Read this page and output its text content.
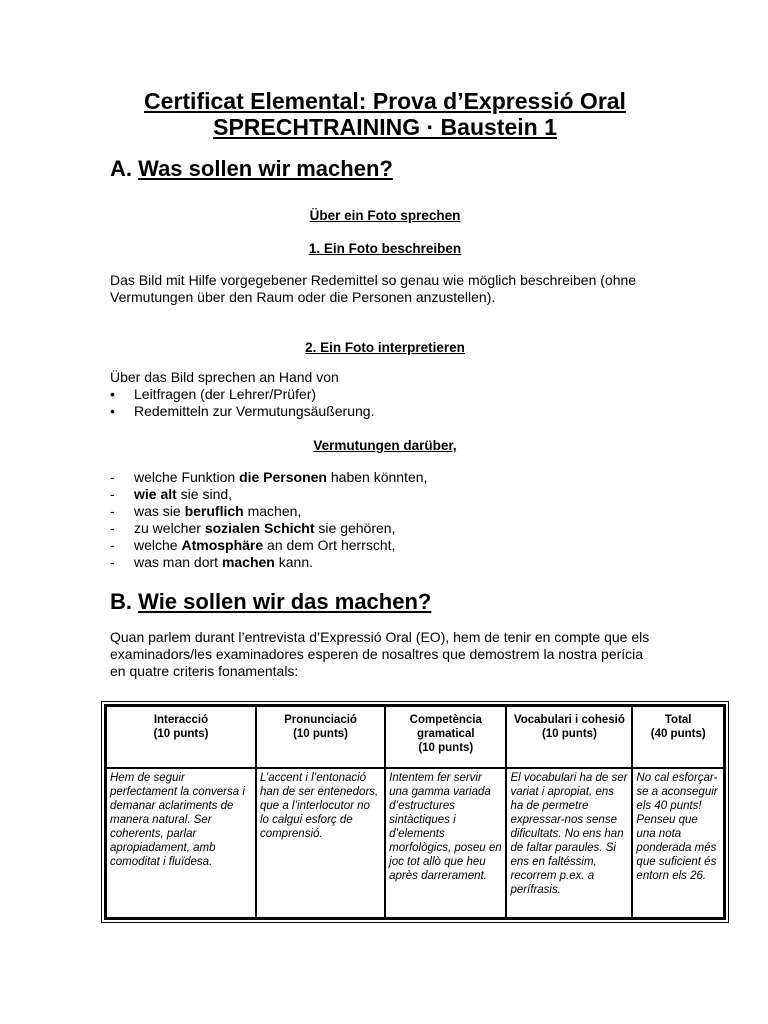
Certificat Elemental: Prova d’Expressió Oral
SPRECHTRAINING · Baustein 1
A. Was sollen wir machen?
Über ein Foto sprechen
1. Ein Foto beschreiben
Das Bild mit Hilfe vorgegebener Redemittel so genau wie möglich beschreiben (ohne Vermutungen über den Raum oder die Personen anzustellen).
2. Ein Foto interpretieren
Über das Bild sprechen an Hand von
• Leitfragen (der Lehrer/Prüfer)
• Redemitteln zur Vermutungsäußerung.
Vermutungen darüber,
- welche Funktion die Personen haben könnten,
- wie alt sie sind,
- was sie beruflich machen,
- zu welcher sozialen Schicht sie gehören,
- welche Atmosphäre an dem Ort herrscht,
- was man dort machen kann.
B. Wie sollen wir das machen?
Quan parlem durant l’entrevista d’Expressió Oral (EO), hem de tenir en compte que els examinadors/les examinadores esperen de nosaltres que demostrem la nostra perícia en quatre criteris fonamentals:
Interacció
(10 punts)	Pronunciació
(10 punts)	Competència gramatical
(10 punts)	Vocabulari i cohesió
(10 punts)	Total
(40 punts)
Hem de seguir perfectament la conversa i demanar aclariments de manera natural. Ser coherents, parlar apropiadament, amb comoditat i fluïdesa.	L’accent i l’entonació han de ser entenedors, que a l’interlocutor no lo calgui esforç de comprensió.	Intentem fer servir una gamma variada d’estructures sintàctiques i d’elements morfològics, poseu en joc tot allò que heu après darrerament.	El vocabulari ha de ser variat i apropiat, ens ha de permetre expressar-nos sense dificultats. No ens han de faltar paraules. Si ens en faltéssim, recorrem p.ex. a perífrasis.	No cal esforçar-se a aconseguir els 40 punts! Penseu que una nota ponderada més que suficient és entorn els 26.
